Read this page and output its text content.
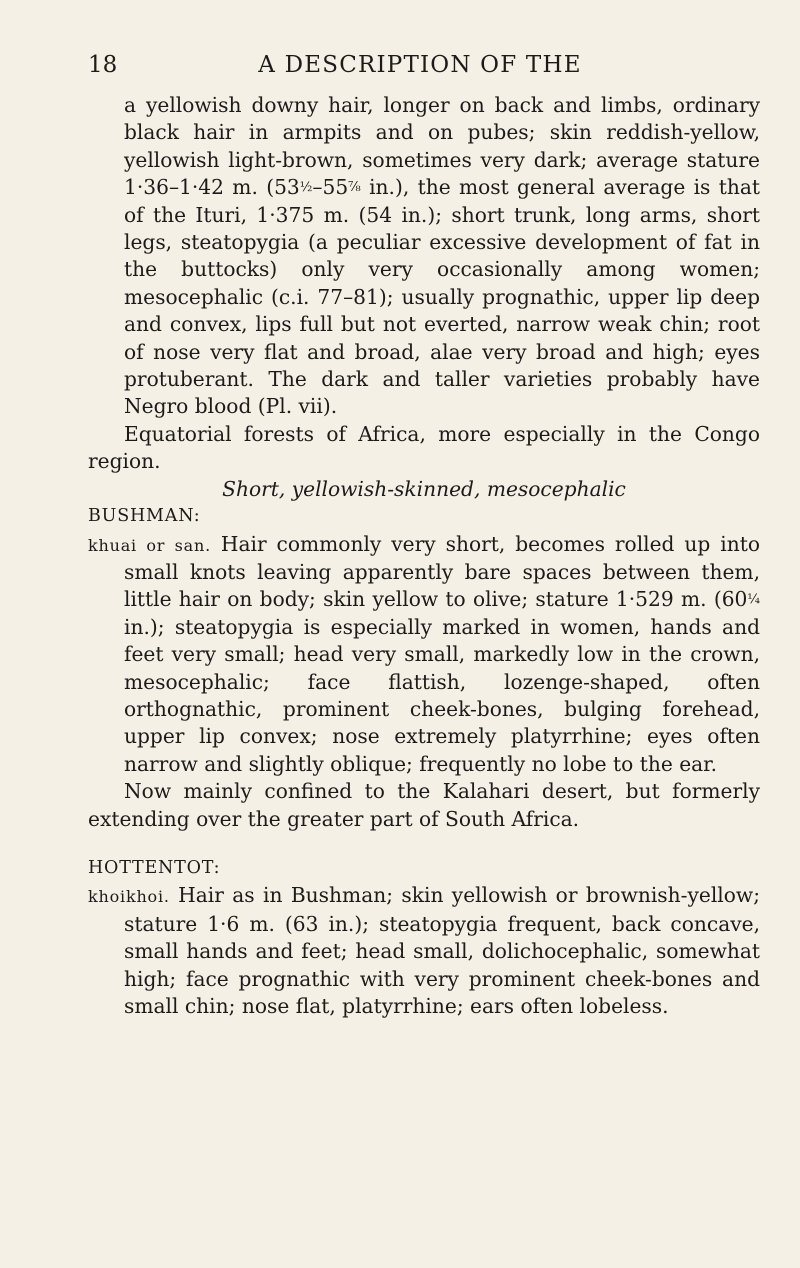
18	A DESCRIPTION OF THE

a yellowish downy hair, longer on back and limbs, ordinary black hair in armpits and on pubes; skin reddish-yellow, yellowish light-brown, sometimes very dark; average stature 1·36–1·42 m. (53½–55⅞ in.), the most general average is that of the Ituri, 1·375 m. (54 in.); short trunk, long arms, short legs, steatopygia (a peculiar excessive development of fat in the buttocks) only very occasionally among women; mesocephalic (c.i. 77–81); usually prognathic, upper lip deep and convex, lips full but not everted, narrow weak chin; root of nose very flat and broad, alae very broad and high; eyes protuberant. The dark and taller varieties probably have Negro blood (Pl. vii).

Equatorial forests of Africa, more especially in the Congo region.

Short, yellowish-skinned, mesocephalic

BUSHMAN:

khuai or san. Hair commonly very short, becomes rolled up into small knots leaving apparently bare spaces between them, little hair on body; skin yellow to olive; stature 1·529 m. (60¼ in.); steatopygia is especially marked in women, hands and feet very small; head very small, markedly low in the crown, mesocephalic; face flattish, lozenge-shaped, often orthognathic, prominent cheek-bones, bulging forehead, upper lip convex; nose extremely platyrrhine; eyes often narrow and slightly oblique; frequently no lobe to the ear.

Now mainly confined to the Kalahari desert, but formerly extending over the greater part of South Africa.

HOTTENTOT:

khoikhoi. Hair as in Bushman; skin yellowish or brownish-yellow; stature 1·6 m. (63 in.); steatopygia frequent, back concave, small hands and feet; head small, dolichocephalic, somewhat high; face prognathic with very prominent cheek-bones and small chin; nose flat, platyrrhine; ears often lobeless.
